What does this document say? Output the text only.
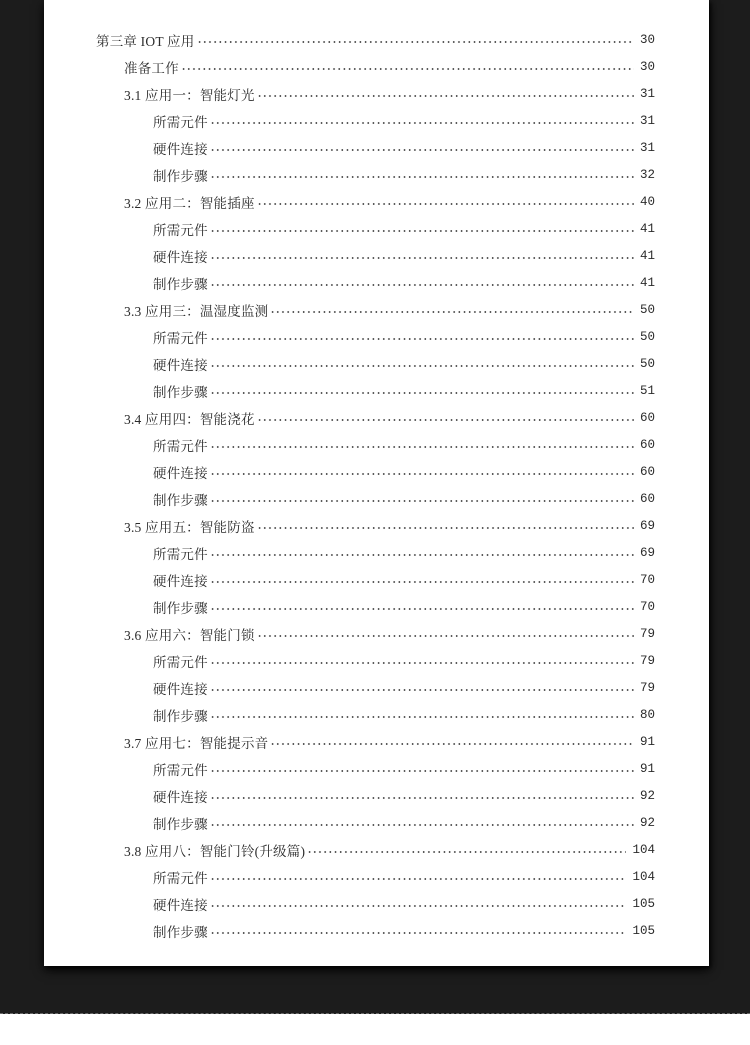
第三章 IOT 应用	30
准备工作	30
3.1 应用一：智能灯光	31
所需元件	31
硬件连接	31
制作步骤	32
3.2 应用二：智能插座	40
所需元件	41
硬件连接	41
制作步骤	41
3.3 应用三：温湿度监测	50
所需元件	50
硬件连接	50
制作步骤	51
3.4 应用四：智能浇花	60
所需元件	60
硬件连接	60
制作步骤	60
3.5 应用五：智能防盗	69
所需元件	69
硬件连接	70
制作步骤	70
3.6 应用六：智能门锁	79
所需元件	79
硬件连接	79
制作步骤	80
3.7 应用七：智能提示音	91
所需元件	91
硬件连接	92
制作步骤	92
3.8 应用八：智能门铃(升级篇)	104
所需元件	104
硬件连接	105
制作步骤	105
